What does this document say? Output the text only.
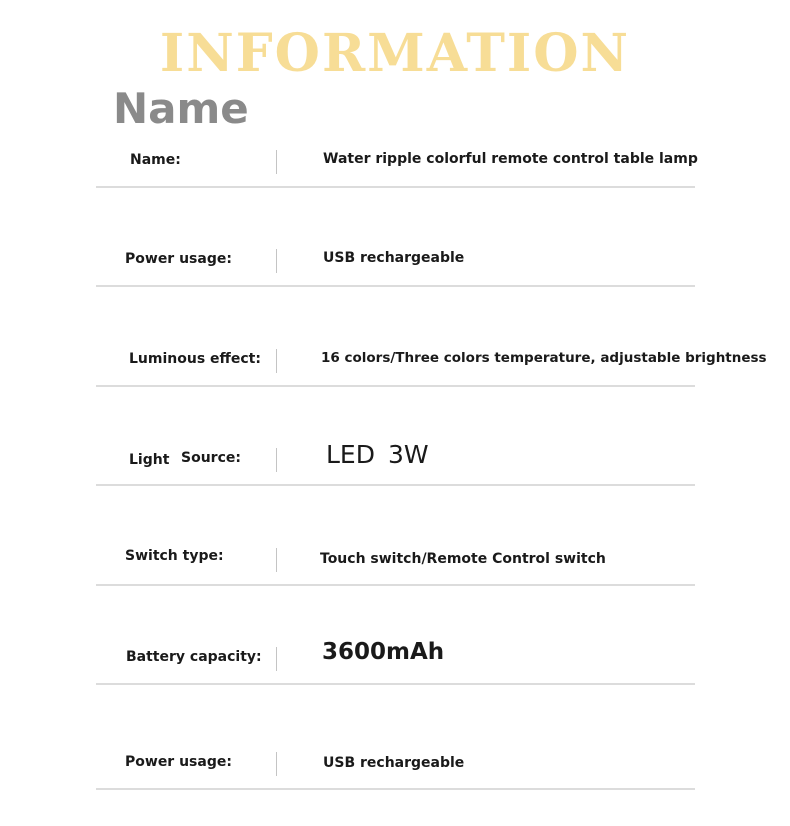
INFORMATION
Name
Name:	Water ripple colorful remote control table lamp
Power usage:	USB rechargeable
Luminous effect:	16 colors/Three colors temperature, adjustable brightness
Light Source:	LED 3W
Switch type:	Touch switch/Remote Control switch
Battery capacity:	3600mAh
Power usage:	USB rechargeable
